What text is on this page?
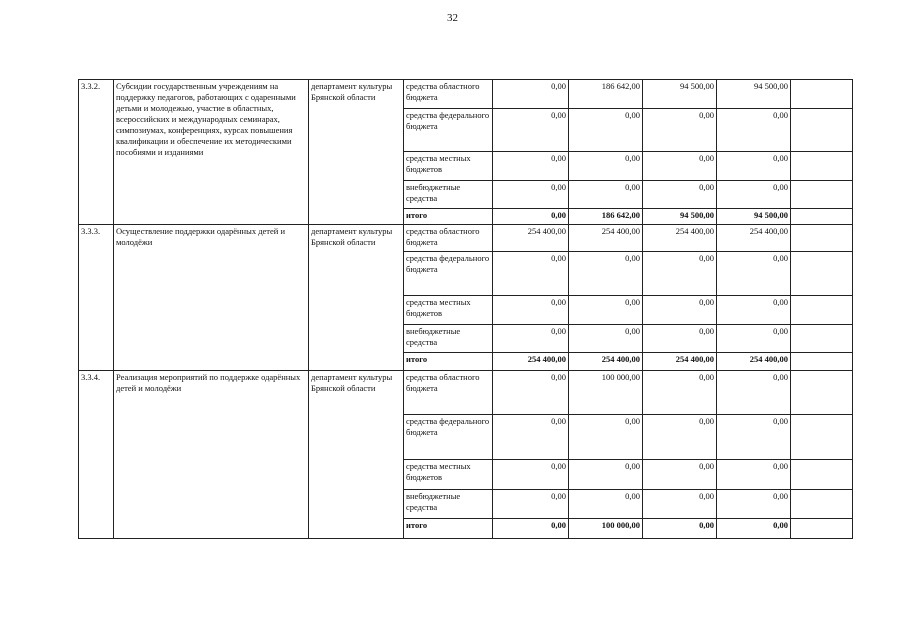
32
3.3.2.	Субсидии государственным учреждениям на поддержку педагогов, работающих с одаренными детьми и молодежью, участие в областных, всероссийских и международных семинарах, симпозиумах, конференциях, курсах повышения квалификации и обеспечение их методическими пособиями и изданиями	департамент культуры Брянской области	средства областного бюджета	0,00	186 642,00	94 500,00	94 500,00	
			средства федерального бюджета	0,00	0,00	0,00	0,00	
			средства местных бюджетов	0,00	0,00	0,00	0,00	
			внебюджетные средства	0,00	0,00	0,00	0,00	
			итого	0,00	186 642,00	94 500,00	94 500,00	
3.3.3.	Осуществление поддержки одарённых детей и молодёжи	департамент культуры Брянской области	средства областного бюджета	254 400,00	254 400,00	254 400,00	254 400,00	
			средства федерального бюджета	0,00	0,00	0,00	0,00	
			средства местных бюджетов	0,00	0,00	0,00	0,00	
			внебюджетные средства	0,00	0,00	0,00	0,00	
			итого	254 400,00	254 400,00	254 400,00	254 400,00	
3.3.4.	Реализация мероприятий по поддержке одарённых детей и молодёжи	департамент культуры Брянской области	средства областного бюджета	0,00	100 000,00	0,00	0,00	
			средства федерального бюджета	0,00	0,00	0,00	0,00	
			средства местных бюджетов	0,00	0,00	0,00	0,00	
			внебюджетные средства	0,00	0,00	0,00	0,00	
			итого	0,00	100 000,00	0,00	0,00	
